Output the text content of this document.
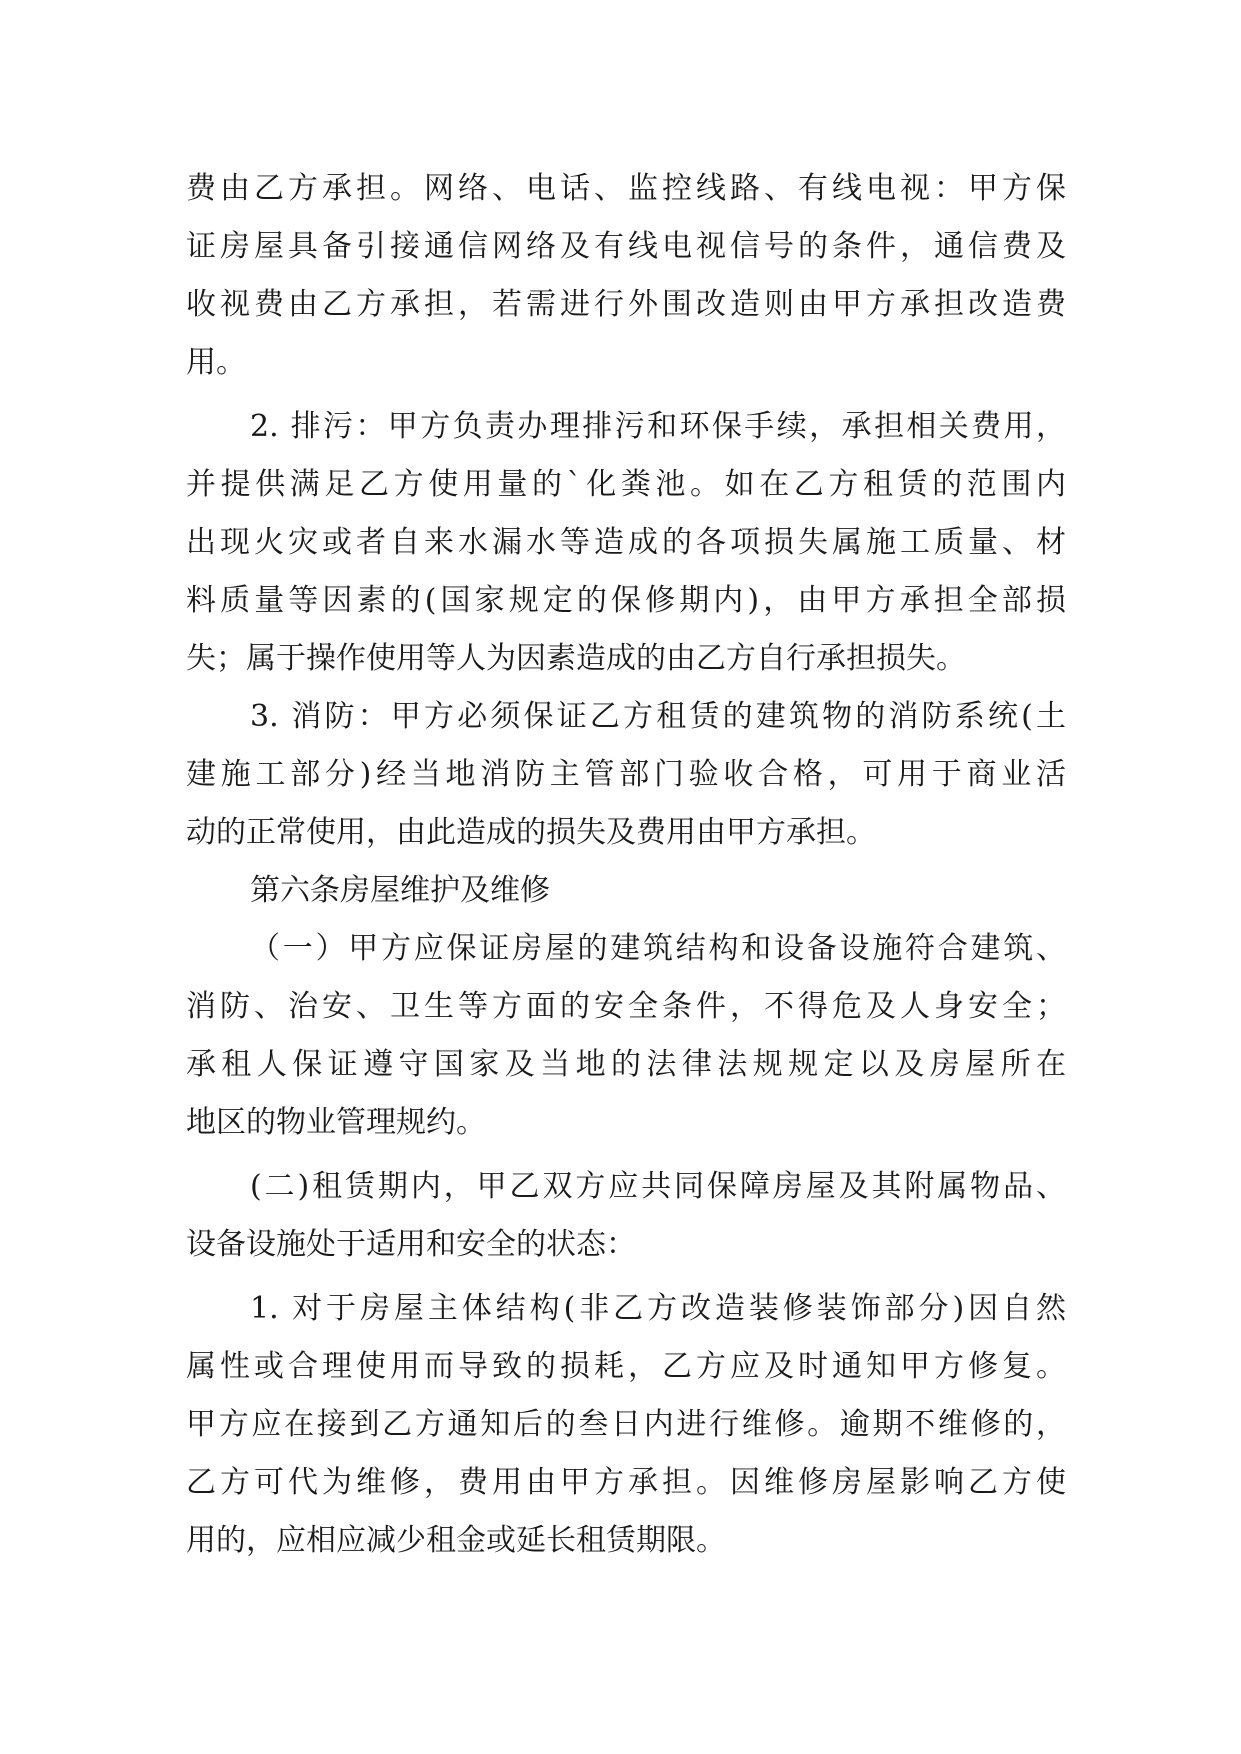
费由乙方承担。网络、电话、监控线路、有线电视：甲方保
证房屋具备引接通信网络及有线电视信号的条件，通信费及
收视费由乙方承担，若需进行外围改造则由甲方承担改造费
用。
2. 排污：甲方负责办理排污和环保手续，承担相关费用，
并提供满足乙方使用量的`化粪池。如在乙方租赁的范围内
出现火灾或者自来水漏水等造成的各项损失属施工质量、材
料质量等因素的(国家规定的保修期内)，由甲方承担全部损
失；属于操作使用等人为因素造成的由乙方自行承担损失。
3. 消防：甲方必须保证乙方租赁的建筑物的消防系统(土
建施工部分)经当地消防主管部门验收合格，可用于商业活
动的正常使用，由此造成的损失及费用由甲方承担。
第六条房屋维护及维修
（一）甲方应保证房屋的建筑结构和设备设施符合建筑、
消防、治安、卫生等方面的安全条件，不得危及人身安全；
承租人保证遵守国家及当地的法律法规规定以及房屋所在
地区的物业管理规约。
(二)租赁期内，甲乙双方应共同保障房屋及其附属物品、
设备设施处于适用和安全的状态：
1. 对于房屋主体结构(非乙方改造装修装饰部分)因自然
属性或合理使用而导致的损耗，乙方应及时通知甲方修复。
甲方应在接到乙方通知后的叁日内进行维修。逾期不维修的，
乙方可代为维修，费用由甲方承担。因维修房屋影响乙方使
用的，应相应减少租金或延长租赁期限。
